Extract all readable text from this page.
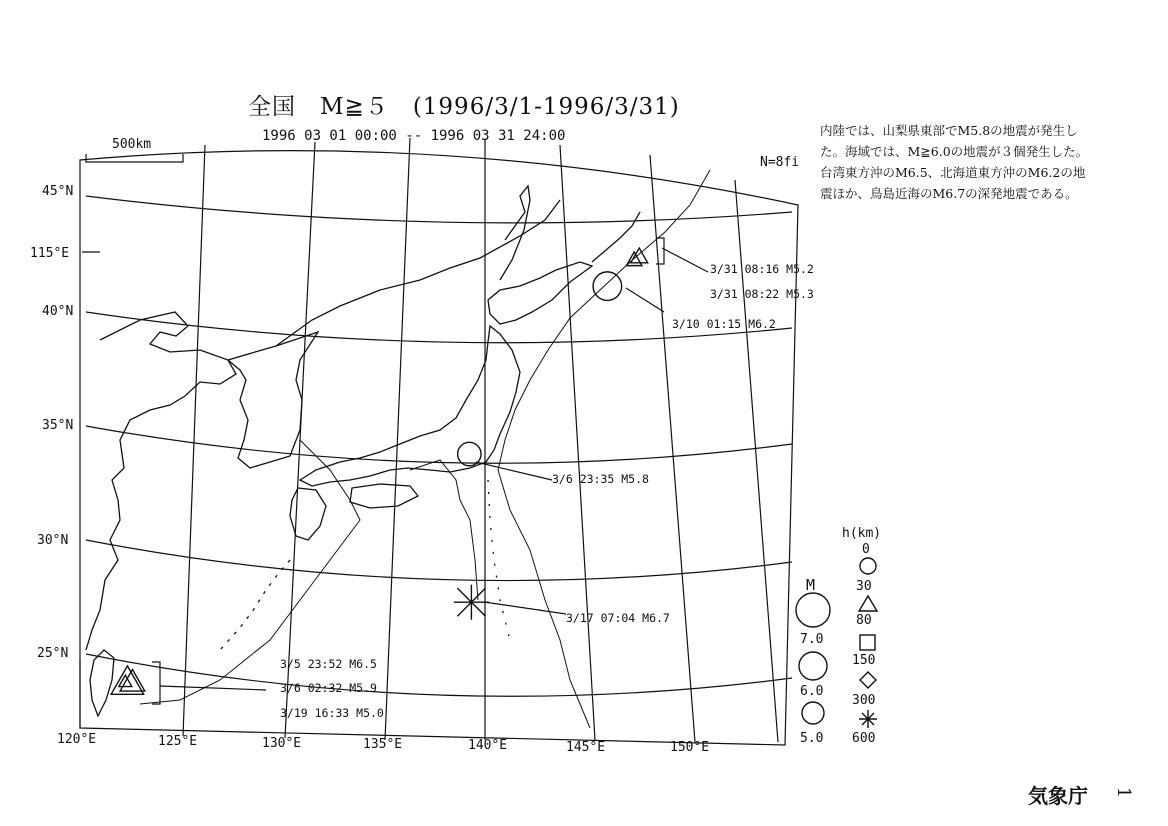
全国　M≧５　(1996/3/1-1996/3/31)
1996 03 01 00:00 -- 1996 03 31 24:00
500km
N=8fi
内陸では、山梨県東部でM5.8の地震が発生し
た。海域では、M≧6.0の地震が３個発生した。
台湾東方沖のM6.5、北海道東方沖のM6.2の地
震ほか、鳥島近海のM6.7の深発地震である。
45°N
115°E
40°N
35°N
30°N
25°N
120°E	125°E	130°E	135°E	140°E	145°E	150°E
3/31 08:16 M5.2
3/31 08:22 M5.3
3/10 01:15 M6.2
3/6 23:35 M5.8
3/17 07:04 M6.7
3/5 23:52 M6.5
3/6 02:32 M5.9
3/19 16:33 M5.0
M
7.0
6.0
5.0
h(km)
0
30
80
150
300
600
気象庁 1
